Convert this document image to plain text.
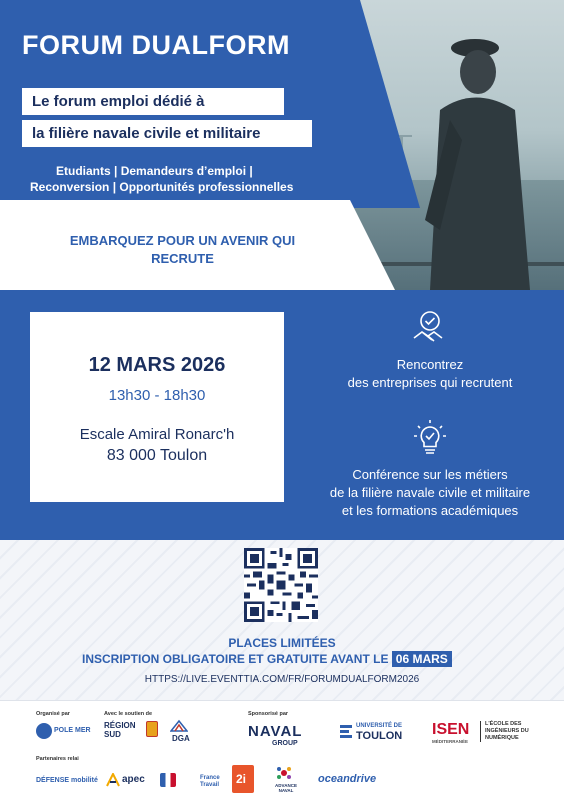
FORUM DUALFORM
Le forum emploi dédié à
la filière navale civile et militaire
Etudiants | Demandeurs d’emploi |
Reconversion | Opportunités professionnelles
EMBARQUEZ POUR UN AVENIR QUI
RECRUTE
12 MARS 2026
13h30 - 18h30
Escale Amiral Ronarc'h
83 000 Toulon
Rencontrez
des entreprises qui recrutent
Conférence sur les métiers
de la filière navale civile et militaire
et les formations académiques
PLACES LIMITÉES
INSCRIPTION OBLIGATOIRE ET GRATUITE AVANT LE 06 MARS
HTTPS://LIVE.EVENTTIA.COM/FR/FORUMDUALFORM2026
Organisé par	Avec le soutien de	Sponsorisé par
Partenaires relai
POLE MER
RÉGION SUD	DGA	NAVAL
GROUP
UNIVERSITÉ DE
TOULON ISEN
MÉDITERRANÉE
L'ÉCOLE DES INGÉNIEURS DU NUMÉRIQUE
DÉFENSE mobilité apec	France Travail	2i	ADVANCE NAVAL
oceandrive
